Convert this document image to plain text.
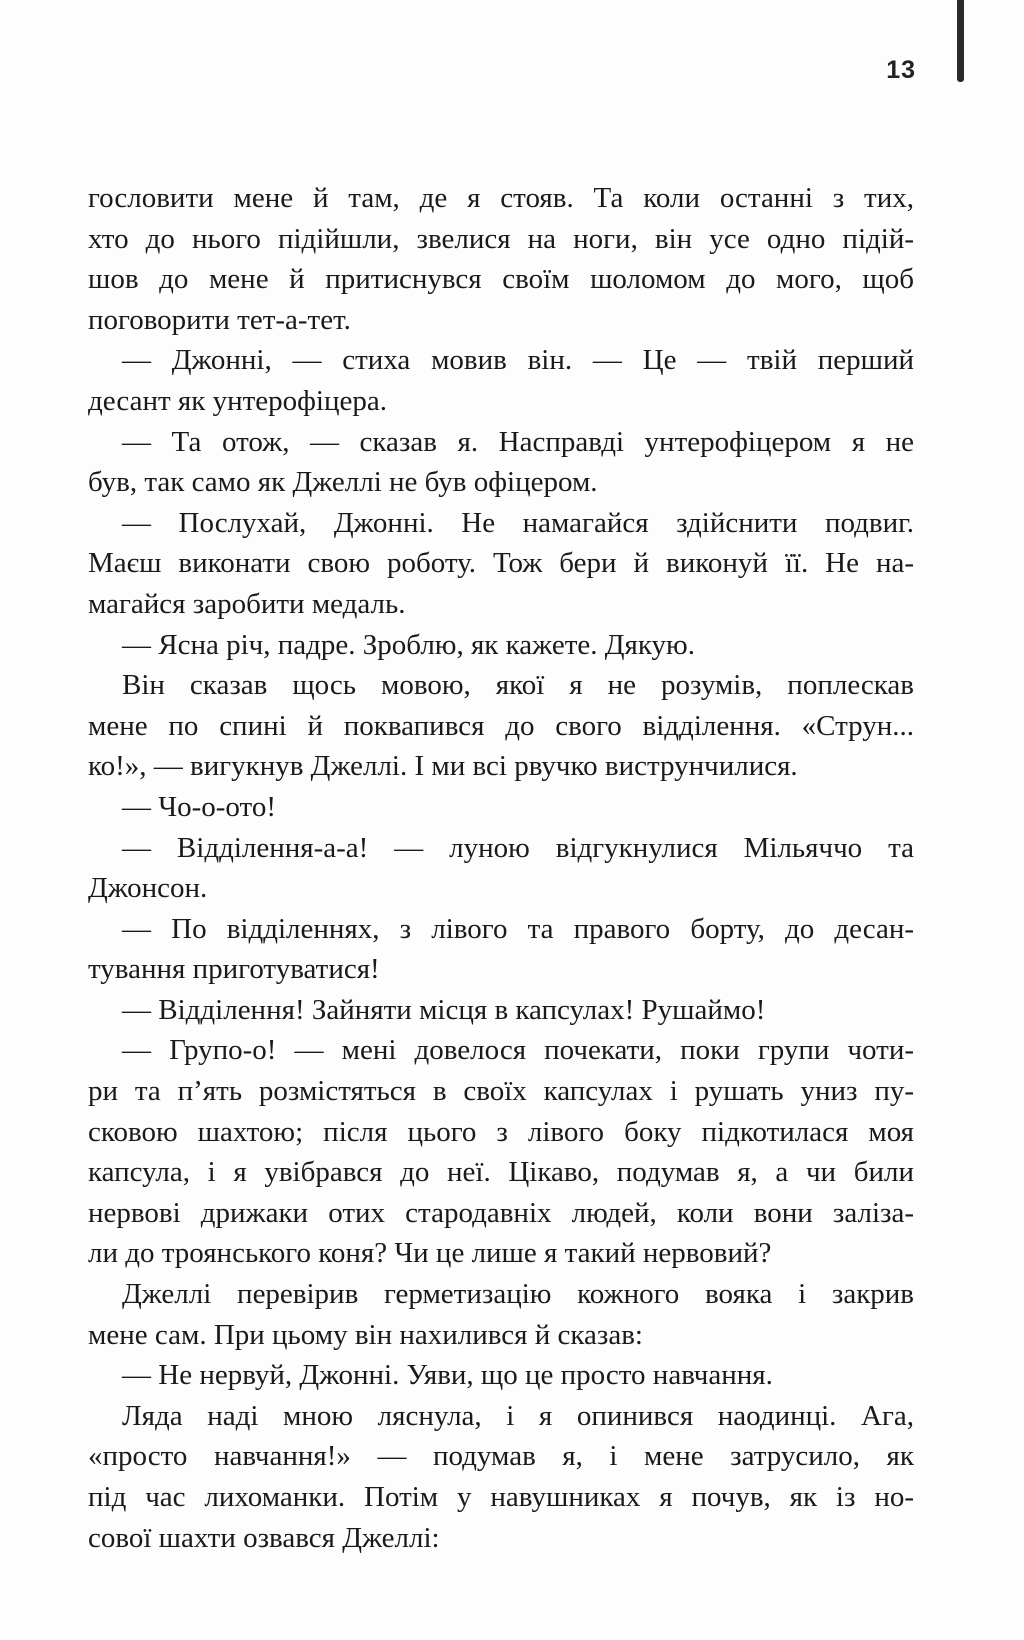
13
гословити мене й там, де я стояв. Та коли останні з тих,
хто до нього підійшли, звелися на ноги, він усе одно підій-
шов до мене й притиснувся своїм шоломом до мого, щоб
поговорити тет-а-тет.
— Джонні, — стиха мовив він. — Це — твій перший
десант як унтерофіцера.
— Та отож, — сказав я. Насправді унтерофіцером я не
був, так само як Джеллі не був офіцером.
— Послухай, Джонні. Не намагайся здійснити подвиг.
Маєш виконати свою роботу. Тож бери й виконуй її. Не на-
магайся заробити медаль.
— Ясна річ, падре. Зроблю, як кажете. Дякую.
Він сказав щось мовою, якої я не розумів, поплескав
мене по спині й поквапився до свого відділення. «Струн...
ко!», — вигукнув Джеллі. І ми всі рвучко виструнчилися.
— Чо-о-ото!
— Відділення-а-а! — луною відгукнулися Мільяччо та
Джонсон.
— По відділеннях, з лівого та правого борту, до десан-
тування приготуватися!
— Відділення! Зайняти місця в капсулах! Рушаймо!
— Групо-о! — мені довелося почекати, поки групи чоти-
ри та п’ять розмістяться в своїх капсулах і рушать униз пу-
сковою шахтою; після цього з лівого боку підкотилася моя
капсула, і я увібрався до неї. Цікаво, подумав я, а чи били
нервові дрижаки отих стародавніх людей, коли вони заліза-
ли до троянського коня? Чи це лише я такий нервовий?
Джеллі перевірив герметизацію кожного вояка і закрив
мене сам. При цьому він нахилився й сказав:
— Не нервуй, Джонні. Уяви, що це просто навчання.
Ляда наді мною ляснула, і я опинився наодинці. Ага,
«просто навчання!» — подумав я, і мене затрусило, як
під час лихоманки. Потім у навушниках я почув, як із но-
сової шахти озвався Джеллі:
